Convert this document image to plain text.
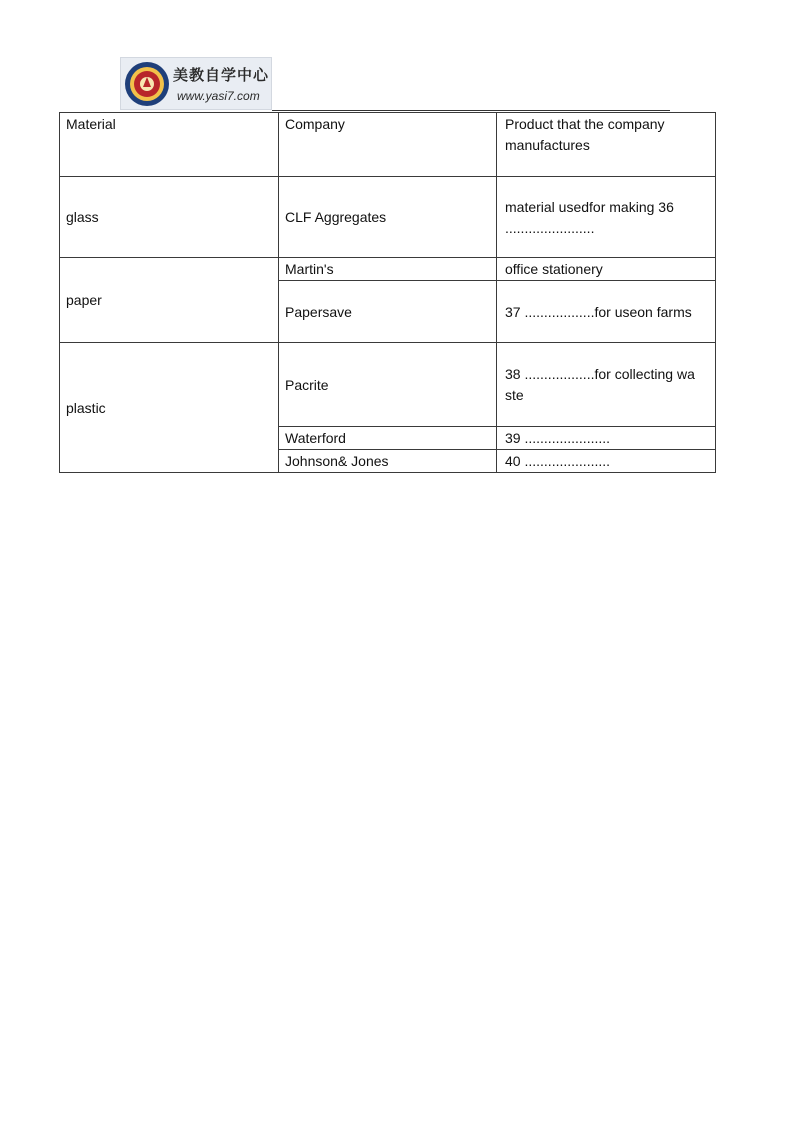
美教自学中心
www.yasi7.com
Material	Company	Product that the company manufactures
glass	CLF Aggregates	material usedfor making 36 .......................
paper	Martin's	office stationery
	Papersave	37 ..................for useon farms
plastic	Pacrite	38 ..................for collecting wa ste
	Waterford	39 ......................
	Johnson& Jones	40 ......................
